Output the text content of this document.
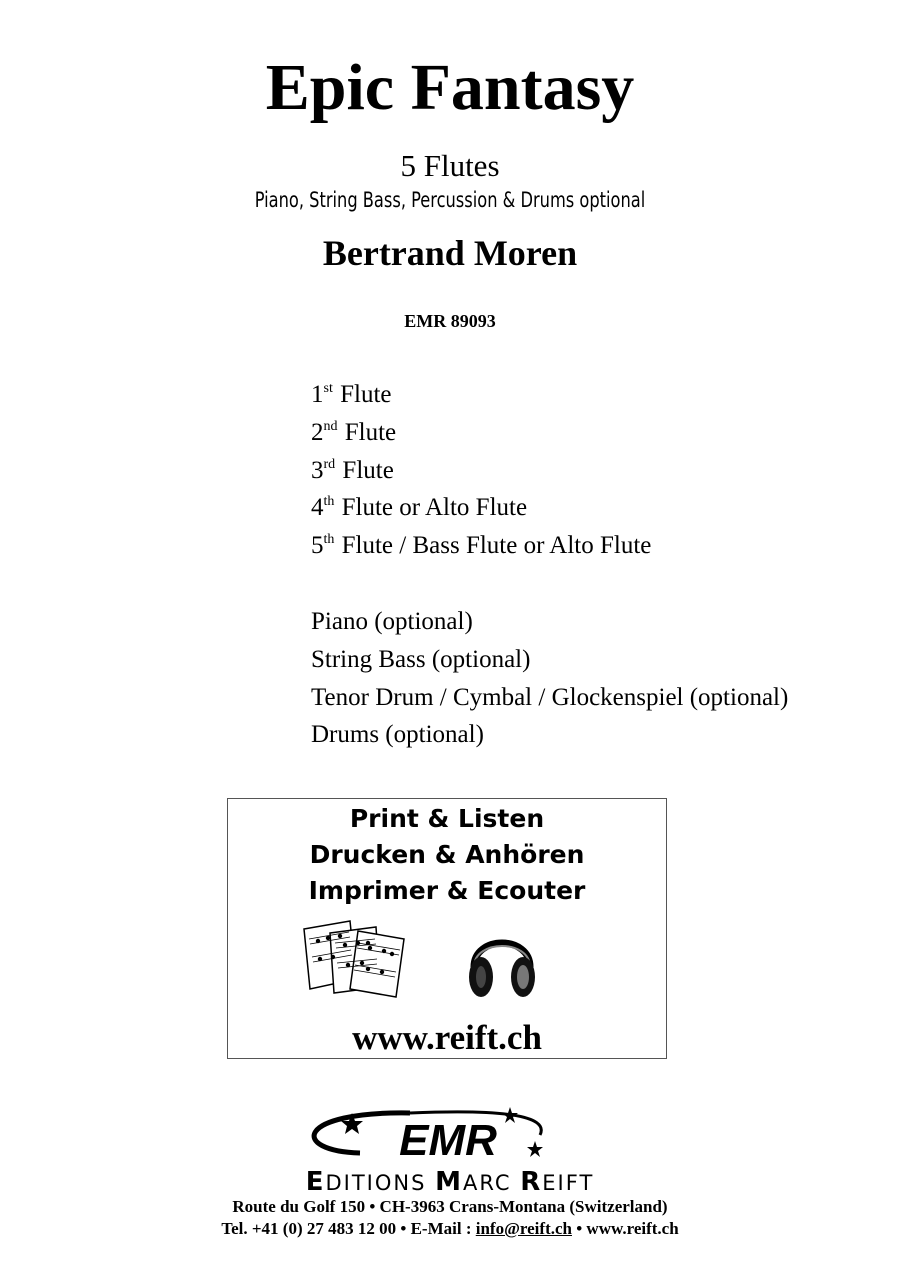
Epic Fantasy
5 Flutes
Piano, String Bass, Percussion & Drums optional
Bertrand Moren
EMR 89093
1st Flute
2nd Flute
3rd Flute
4th Flute or Alto Flute
5th Flute / Bass Flute or Alto Flute
Piano (optional)
String Bass (optional)
Tenor Drum / Cymbal / Glockenspiel (optional)
Drums (optional)
Print & Listen
Drucken & Anhören
Imprimer & Ecouter
www.reift.ch
EMR
EDITIONS MARC REIFT
Route du Golf 150 • CH-3963 Crans-Montana (Switzerland)
Tel. +41 (0) 27 483 12 00 • E-Mail : info@reift.ch • www.reift.ch
